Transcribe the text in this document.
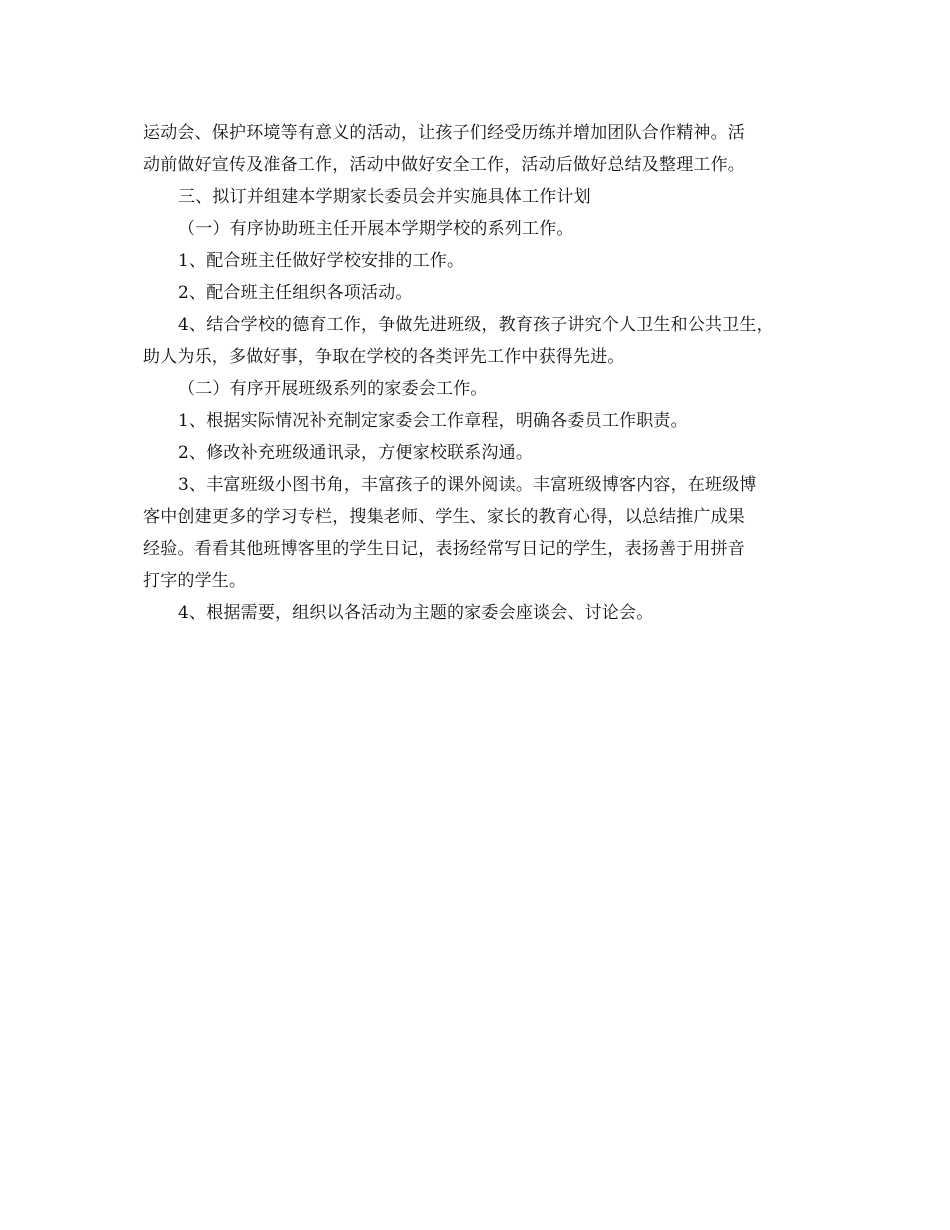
运动会、保护环境等有意义的活动，让孩子们经受历练并增加团队合作精神。活
动前做好宣传及准备工作，活动中做好安全工作，活动后做好总结及整理工作。

三、拟订并组建本学期家长委员会并实施具体工作计划

（一）有序协助班主任开展本学期学校的系列工作。

1、配合班主任做好学校安排的工作。

2、配合班主任组织各项活动。

4、结合学校的德育工作，争做先进班级，教育孩子讲究个人卫生和公共卫生，
助人为乐，多做好事，争取在学校的各类评先工作中获得先进。

（二）有序开展班级系列的家委会工作。

1、根据实际情况补充制定家委会工作章程，明确各委员工作职责。

2、修改补充班级通讯录，方便家校联系沟通。

3、丰富班级小图书角，丰富孩子的课外阅读。丰富班级博客内容，在班级博
客中创建更多的学习专栏，搜集老师、学生、家长的教育心得，以总结推广成果
经验。看看其他班博客里的学生日记，表扬经常写日记的学生，表扬善于用拼音
打字的学生。

4、根据需要，组织以各活动为主题的家委会座谈会、讨论会。
